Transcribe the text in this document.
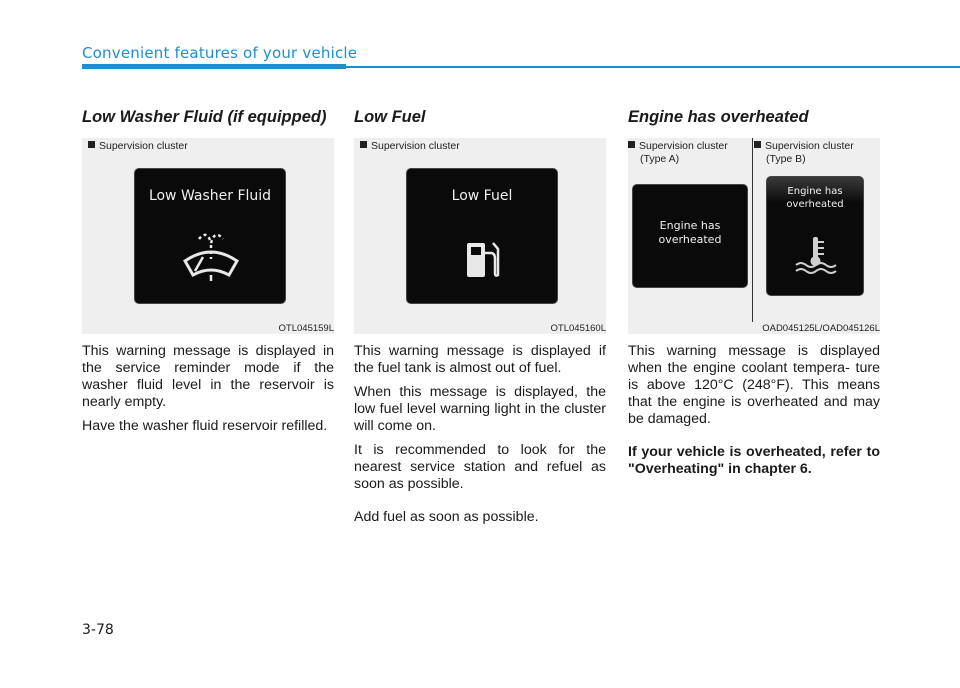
Convenient features of your vehicle
Low Washer Fluid (if equipped)
Supervision cluster
Low Washer Fluid
OTL045159L

This warning message is displayed in the service reminder mode if the washer fluid level in the reservoir is nearly empty.

Have the washer fluid reservoir refilled.

Low Fuel
Supervision cluster
Low Fuel
OTL045160L

This warning message is displayed if the fuel tank is almost out of fuel.

When this message is displayed, the low fuel level warning light in the cluster will come on.

It is recommended to look for the nearest service station and refuel as soon as possible.

Add fuel as soon as possible.

Engine has overheated
Supervision cluster
(Type A)
Supervision cluster
(Type B)
Engine has
overheated
Engine has
overheated
OAD045125L/OAD045126L

This warning message is displayed when the engine coolant tempera- ture is above 120°C (248°F). This means that the engine is overheated and may be damaged.

If your vehicle is overheated, refer to "Overheating" in chapter 6.

3-78
